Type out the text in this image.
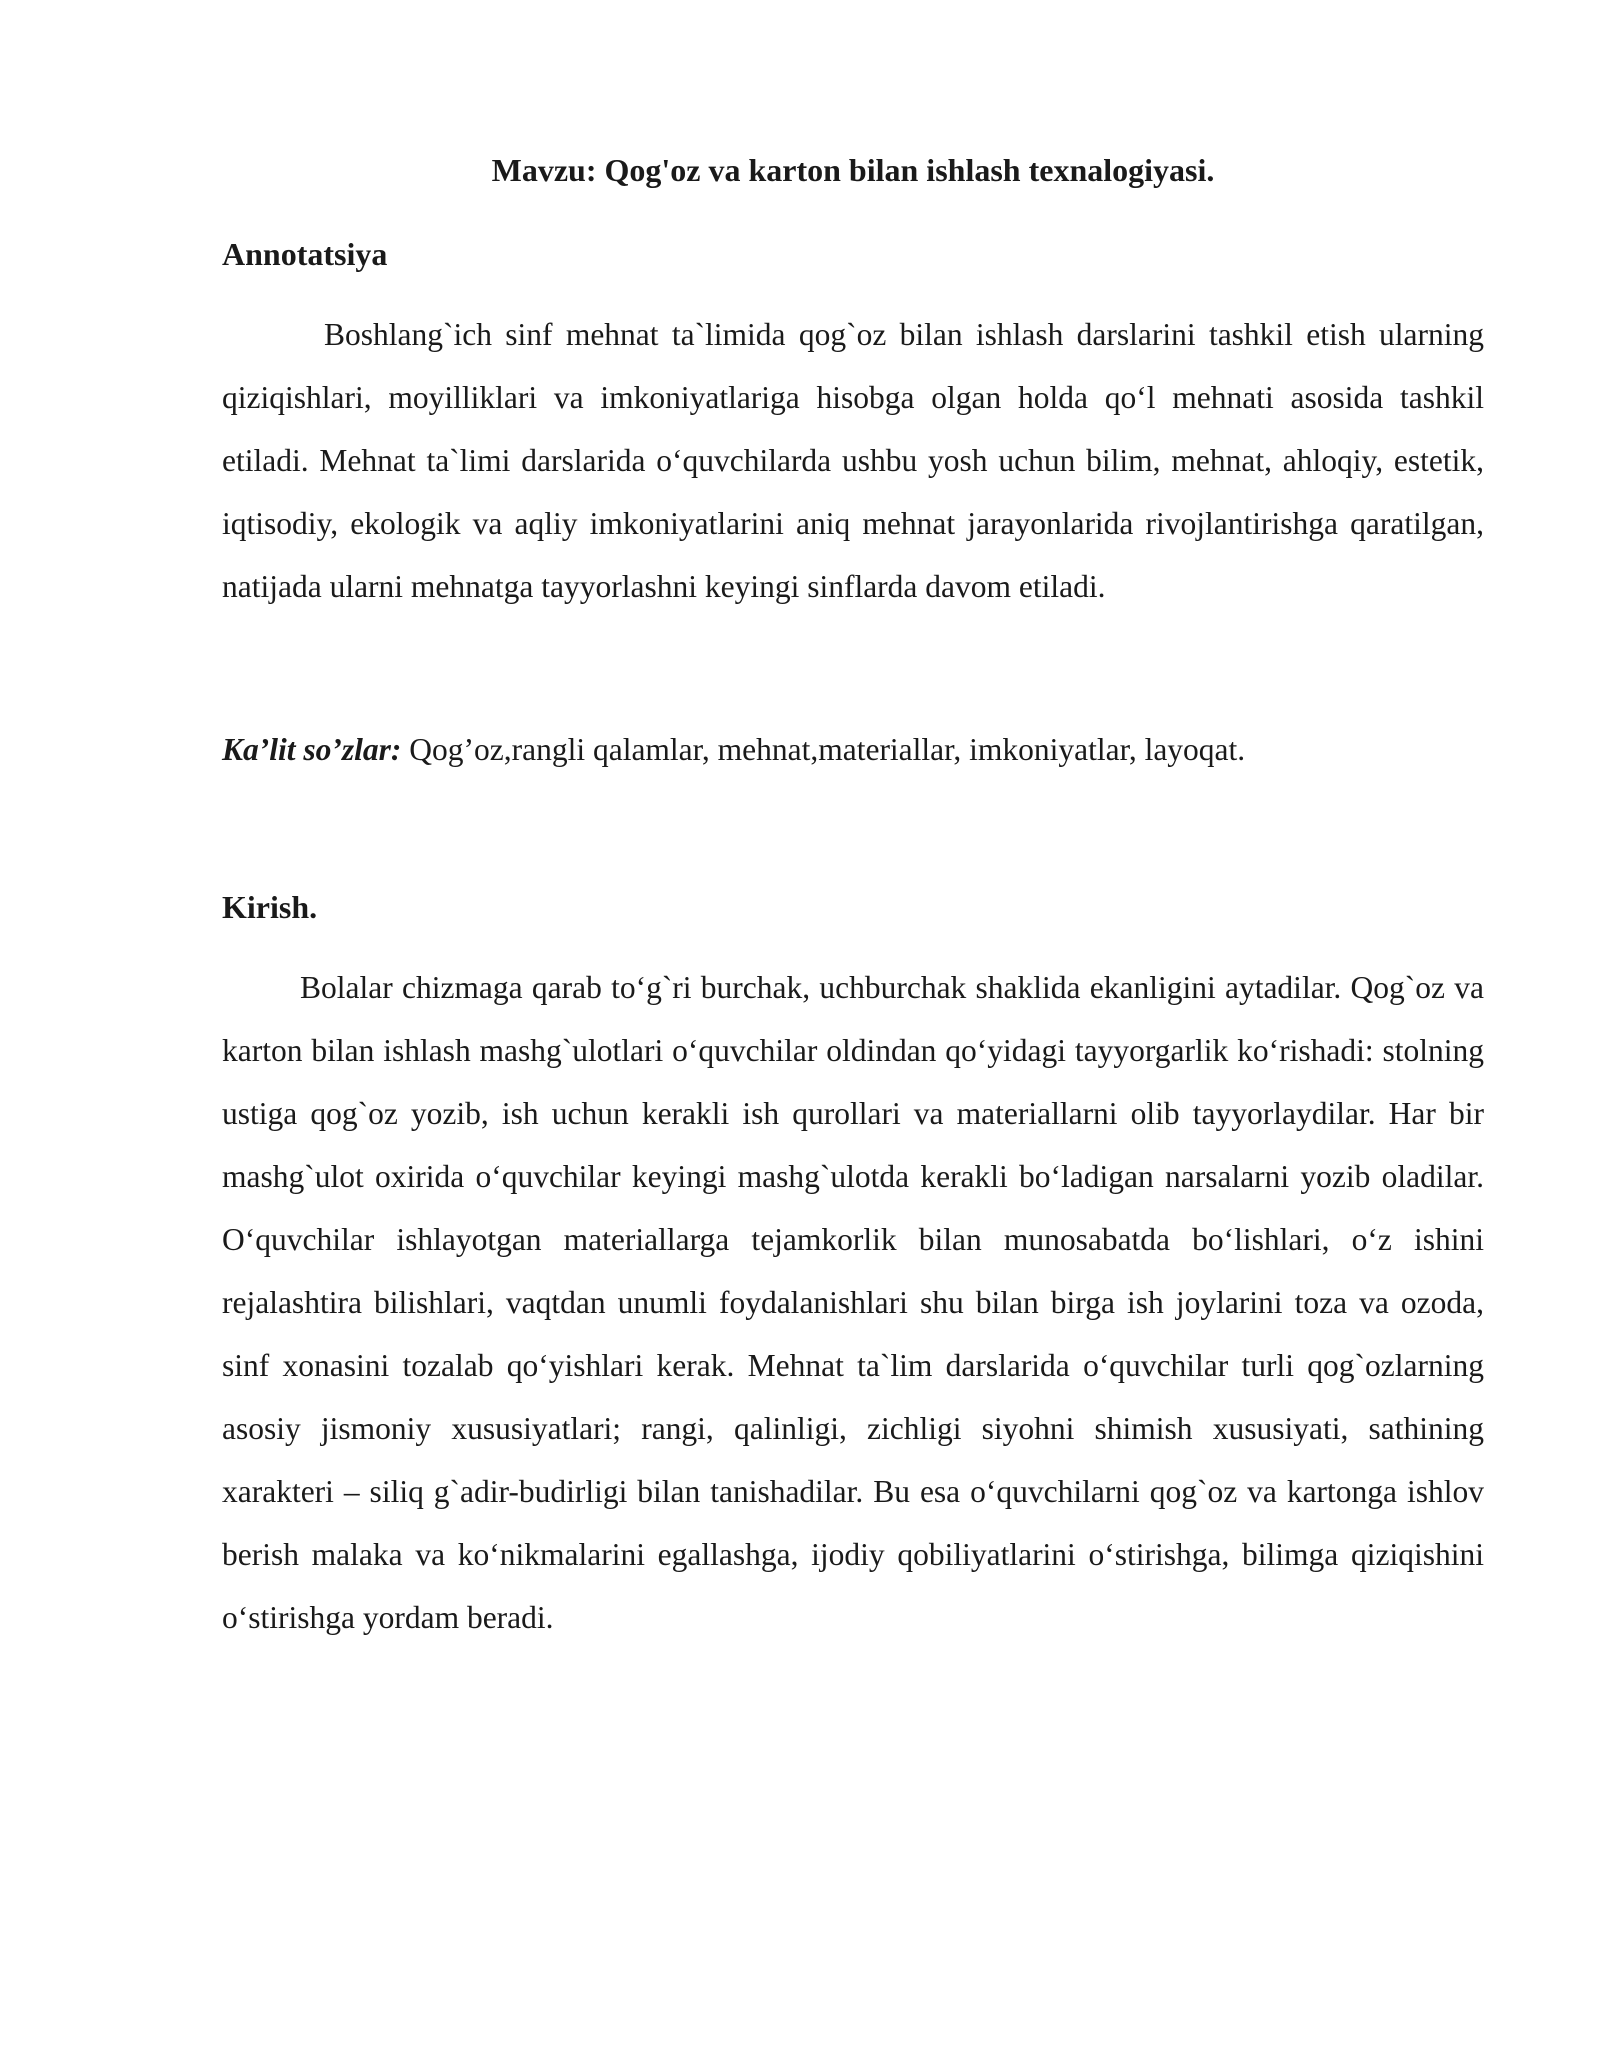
Mavzu: Qog'oz va karton bilan ishlash texnalogiyasi.
Annotatsiya

Boshlang`ich sinf mehnat ta`limida qog`oz bilan ishlash darslarini tashkil etish ularning qiziqishlari, moyilliklari va imkoniyatlariga hisobga olgan holda qo‘l mehnati asosida tashkil etiladi. Mehnat ta`limi darslarida o‘quvchilarda ushbu yosh uchun bilim, mehnat, ahloqiy, estetik, iqtisodiy, ekologik va aqliy imkoniyatlarini aniq mehnat jarayonlarida rivojlantirishga qaratilgan, natijada ularni mehnatga tayyorlashni keyingi sinflarda davom etiladi.

Ka’lit so’zlar: Qog’oz,rangli qalamlar, mehnat,materiallar, imkoniyatlar, layoqat.

Kirish.

Bolalar chizmaga qarab to‘g`ri burchak, uchburchak shaklida ekanligini aytadilar. Qog`oz va karton bilan ishlash mashg`ulotlari o‘quvchilar oldindan qo‘yidagi tayyorgarlik ko‘rishadi: stolning ustiga qog`oz yozib, ish uchun kerakli ish qurollari va materiallarni olib tayyorlaydilar. Har bir mashg`ulot oxirida o‘quvchilar keyingi mashg`ulotda kerakli bo‘ladigan narsalarni yozib oladilar. O‘quvchilar ishlayotgan materiallarga tejamkorlik bilan munosabatda bo‘lishlari, o‘z ishini rejalashtira bilishlari, vaqtdan unumli foydalanishlari shu bilan birga ish joylarini toza va ozoda, sinf xonasini tozalab qo‘yishlari kerak. Mehnat ta`lim darslarida o‘quvchilar turli qog`ozlarning asosiy jismoniy xususiyatlari; rangi, qalinligi, zichligi siyohni shimish xususiyati, sathining xarakteri – siliq g`adir-budirligi bilan tanishadilar. Bu esa o‘quvchilarni qog`oz va kartonga ishlov berish malaka va ko‘nikmalarini egallashga, ijodiy qobiliyatlarini o‘stirishga, bilimga qiziqishini o‘stirishga yordam beradi.
